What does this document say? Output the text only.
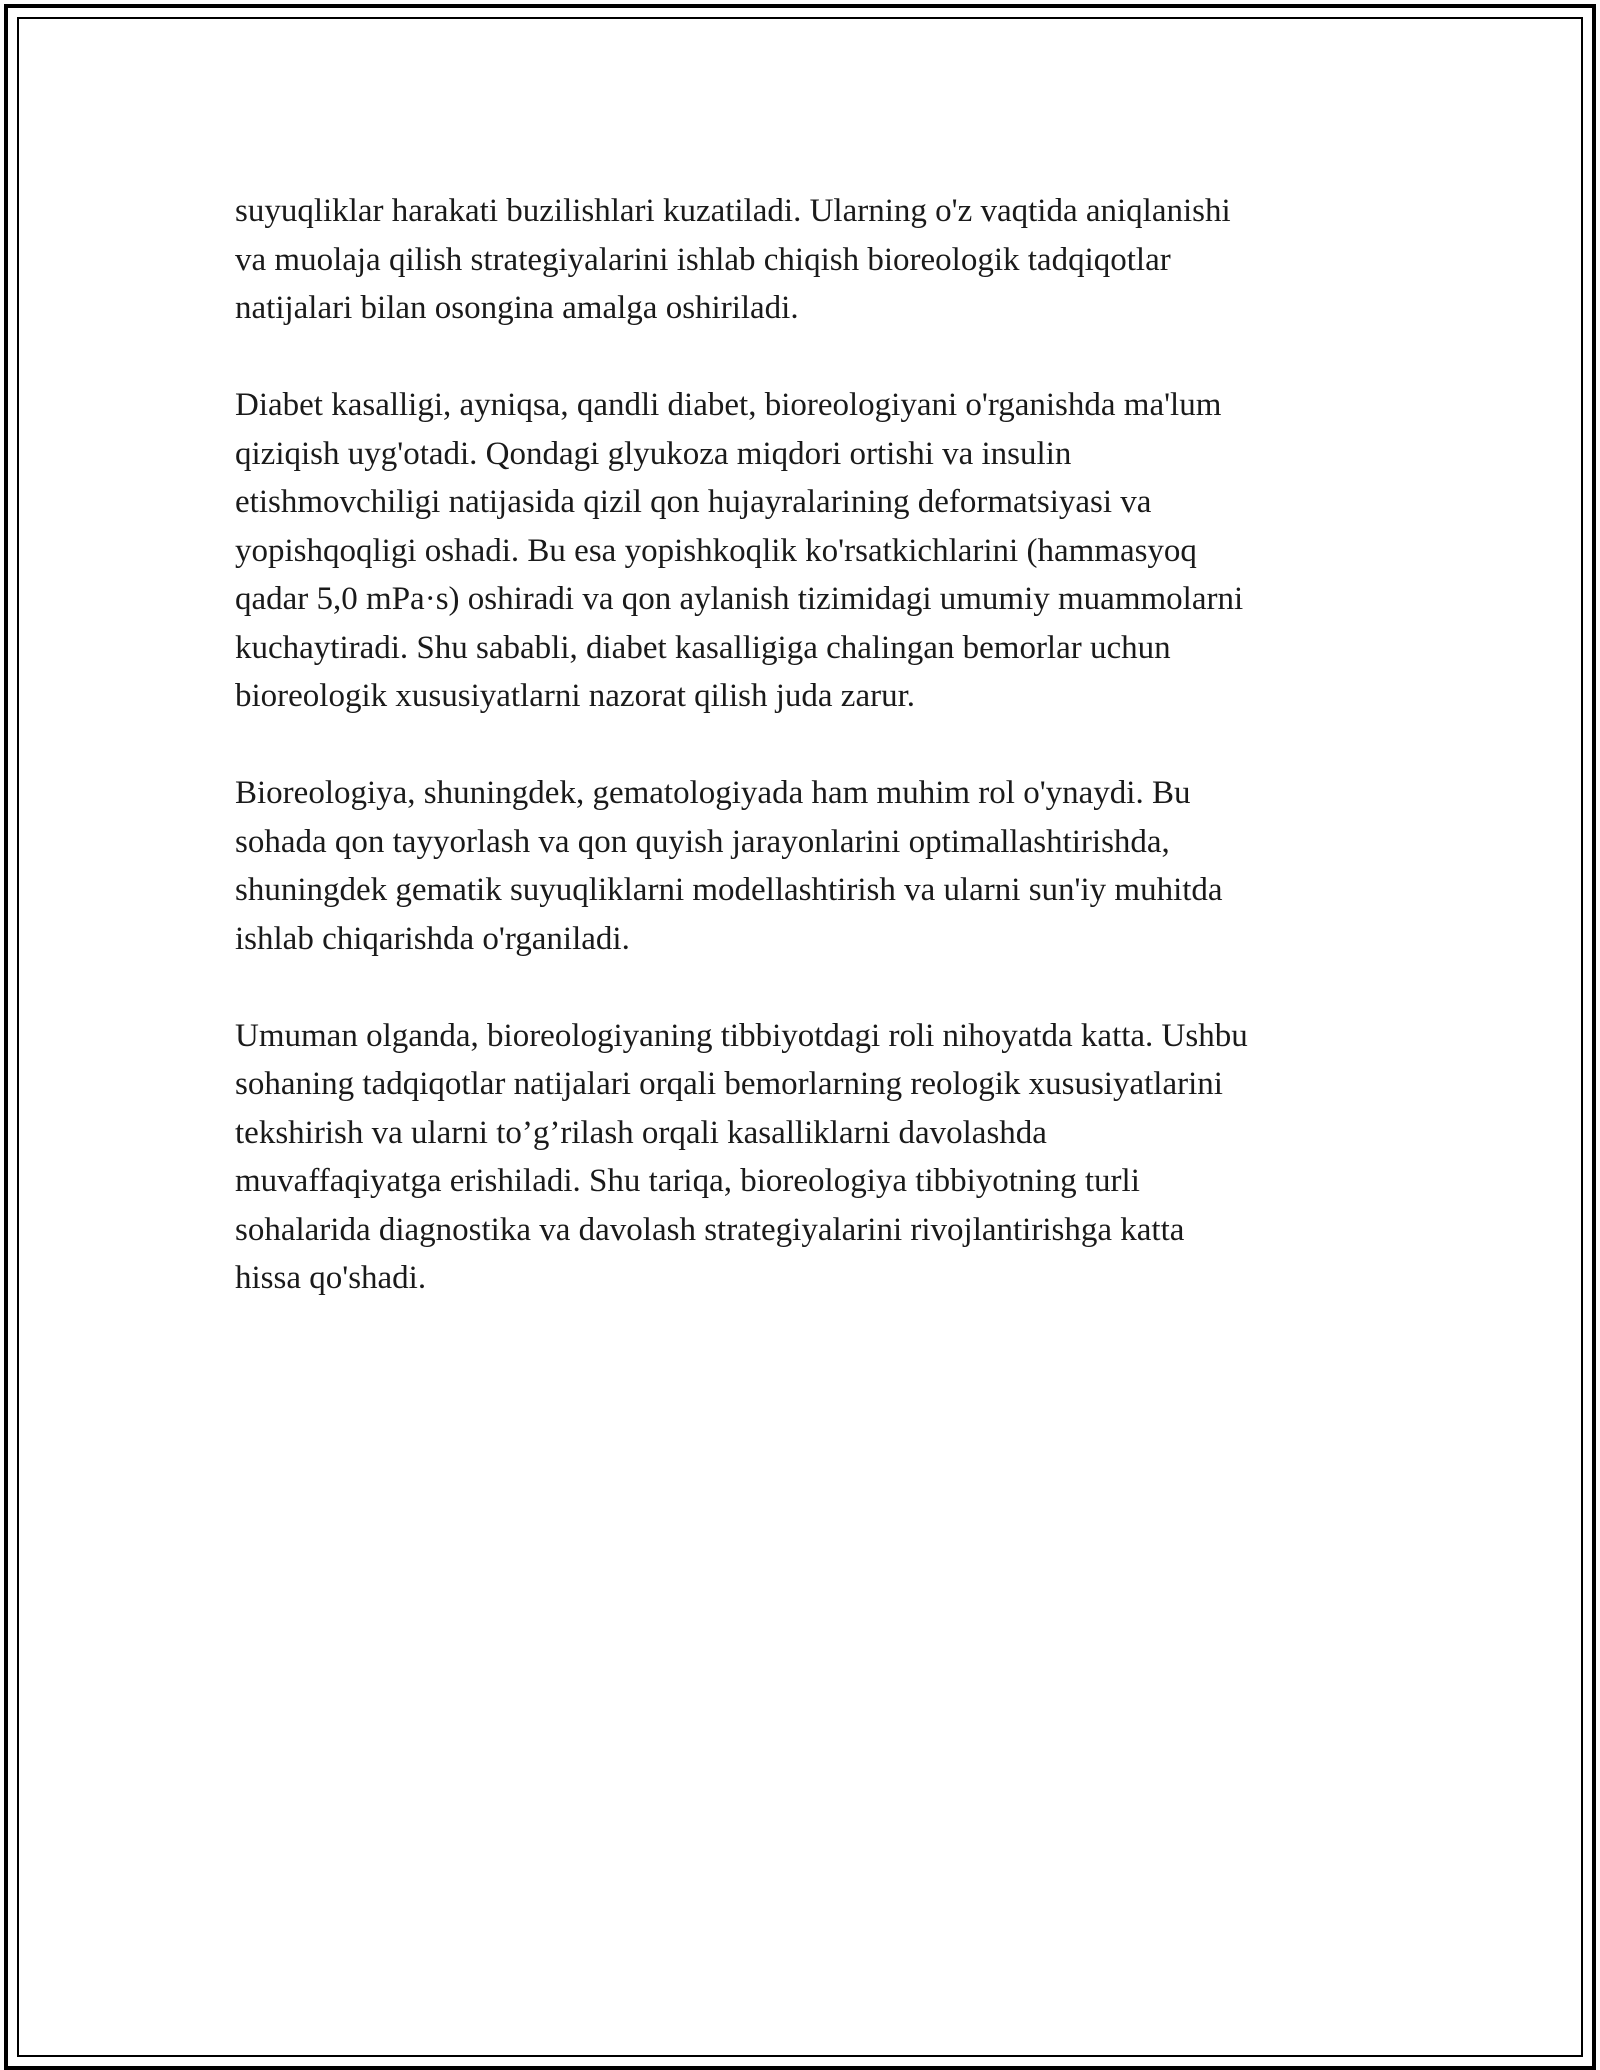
suyuqliklar harakati buzilishlari kuzatiladi. Ularning o'z vaqtida aniqlanishi
va muolaja qilish strategiyalarini ishlab chiqish bioreologik tadqiqotlar
natijalari bilan osongina amalga oshiriladi.

Diabet kasalligi, ayniqsa, qandli diabet, bioreologiyani o'rganishda ma'lum
qiziqish uyg'otadi. Qondagi glyukoza miqdori ortishi va insulin
etishmovchiligi natijasida qizil qon hujayralarining deformatsiyasi va
yopishqoqligi oshadi. Bu esa yopishkoqlik ko'rsatkichlarini (hammasyoq
qadar 5,0 mPa·s) oshiradi va qon aylanish tizimidagi umumiy muammolarni
kuchaytiradi. Shu sababli, diabet kasalligiga chalingan bemorlar uchun
bioreologik xususiyatlarni nazorat qilish juda zarur.

Bioreologiya, shuningdek, gematologiyada ham muhim rol o'ynaydi. Bu
sohada qon tayyorlash va qon quyish jarayonlarini optimallashtirishda,
shuningdek gematik suyuqliklarni modellashtirish va ularni sun'iy muhitda
ishlab chiqarishda o'rganiladi.

Umuman olganda, bioreologiyaning tibbiyotdagi roli nihoyatda katta. Ushbu
sohaning tadqiqotlar natijalari orqali bemorlarning reologik xususiyatlarini
tekshirish va ularni to’g’rilash orqali kasalliklarni davolashda
muvaffaqiyatga erishiladi. Shu tariqa, bioreologiya tibbiyotning turli
sohalarida diagnostika va davolash strategiyalarini rivojlantirishga katta
hissa qo'shadi.
